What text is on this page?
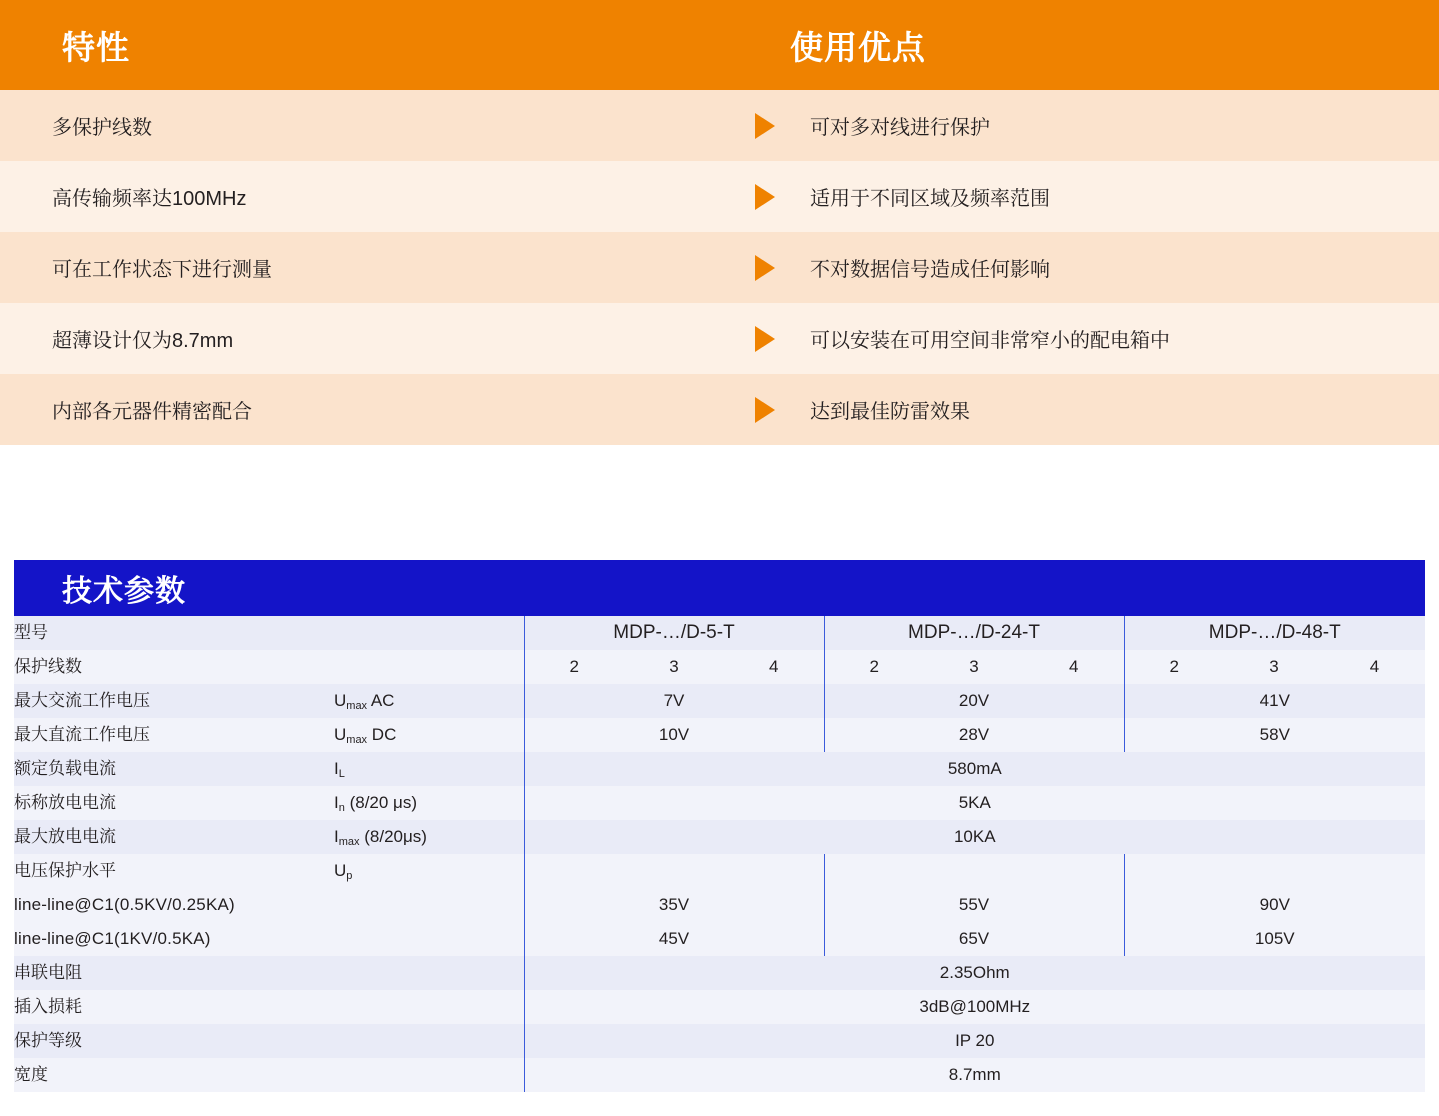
特性	使用优点
多保护线数	可对多对线进行保护
高传输频率达100MHz	适用于不同区域及频率范围
可在工作状态下进行测量	不对数据信号造成任何影响
超薄设计仅为8.7mm	可以安装在可用空间非常窄小的配电箱中
内部各元器件精密配合	达到最佳防雷效果
技术参数
型号		MDP-…/D-5-T			MDP-…/D-24-T			MDP-…/D-48-T		
保护线数		2	3	4	2	3	4	2	3	4
最大交流工作电压	$U_{max}$ AC	7V			20V			41V		
最大直流工作电压	$U_{max}$ DC	10V			28V			58V		
额定负载电流	$I_L$	580mA								
标称放电电流	$I_n$ (8/20 μs)	5KA								
最大放电电流	$I_{max}$ (8/20μs)	10KA								
电压保护水平	$U_p$			
line-line@C1(0.5KV/0.25KA)		35V			55V			90V		
line-line@C1(1KV/0.5KA)		45V			65V			105V		
串联电阻		2.35Ohm								
插入损耗		3dB@100MHz								
保护等级		IP 20								
宽度		8.7mm								
